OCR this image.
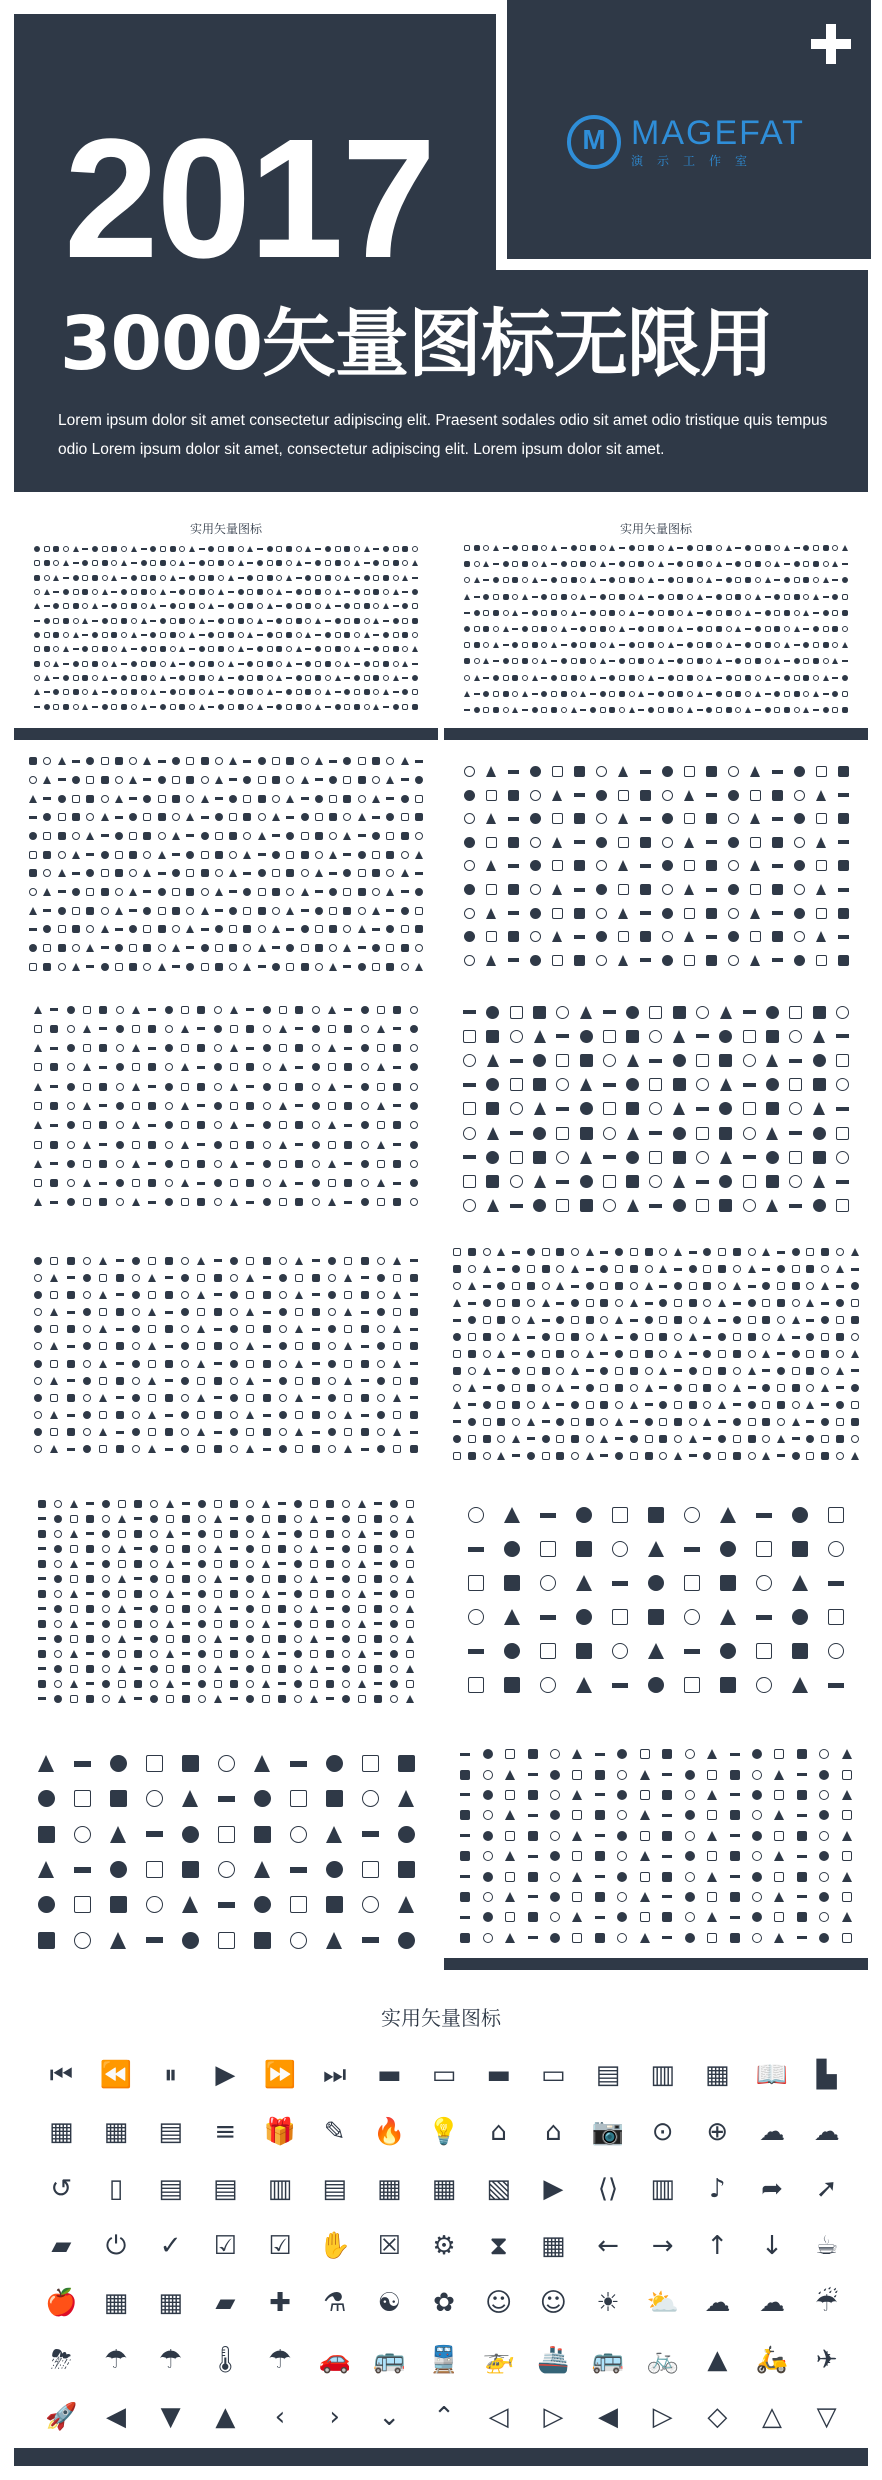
M
MAGEFAT
演示工作室
2017
3000矢量图标无限用
Lorem ipsum dolor sit amet consectetur adipiscing elit. Praesent sodales odio sit amet odio tristique quis tempus odio Lorem ipsum dolor sit amet, consectetur adipiscing elit. Lorem ipsum dolor sit amet.
实用矢量图标	实用矢量图标
实用矢量图标
⏮ ⏪ ⏸ ▶ ⏩ ⏭ ▬ ▭ ▬ ▭ ▤ ▥ ▦ 📖 ▙
▦ ▦ ▤ ≡ 🎁 ✎ 🔥 💡 ⌂ ⌂ 📷 ⊙ ⊕ ☁ ☁
↺ ▯ ▤ ▤ ▥ ▤ ▦ ▦ ▧ ▶ ⟨⟩ ▥ ♪ ➦ ➚
▰ ⏻ ✓ ☑ ☑ ✋ ☒ ⚙ ⧗ ▦ ← → ↑ ↓ ☕
🍎 ▦ ▦ ▰ ✚ ⚗ ☯ ✿ ☺ ☺ ☀ ⛅ ☁ ☁ ☔
⛈ ☂ ☂ 🌡 ☂ 🚗 🚌 🚆 🚁 🚢 🚌 🚲 ▲ 🛵 ✈
🚀 ◀ ▼ ▲ ‹ › ⌄ ⌃ ◁ ▷ ◀ ▷ ◇ △ ▽
